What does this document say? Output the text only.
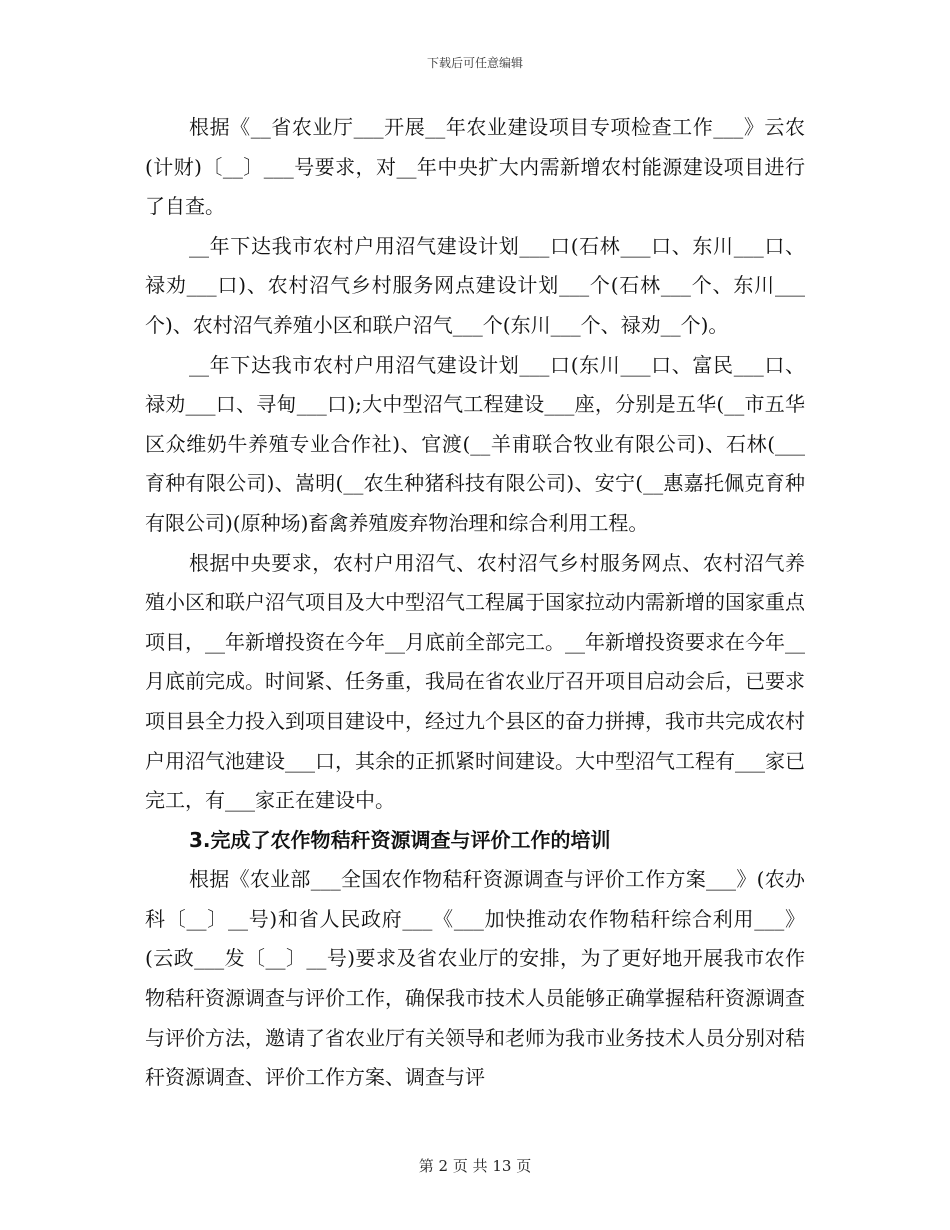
下载后可任意编辑

根据《__省农业厅___开展__年农业建设项目专项检查工作___》云农(计财)〔__〕___号要求，对__年中央扩大内需新增农村能源建设项目进行了自查。

__年下达我市农村户用沼气建设计划___口(石林___口、东川___口、禄劝___口)、农村沼气乡村服务网点建设计划___个(石林___个、东川___个)、农村沼气养殖小区和联户沼气___个(东川___个、禄劝__个)。

__年下达我市农村户用沼气建设计划___口(东川___口、富民___口、禄劝___口、寻甸___口);大中型沼气工程建设___座，分别是五华(__市五华区众维奶牛养殖专业合作社)、官渡(__羊甫联合牧业有限公司)、石林(___育种有限公司)、嵩明(__农生种猪科技有限公司)、安宁(__惠嘉托佩克育种有限公司)(原种场)畜禽养殖废弃物治理和综合利用工程。

根据中央要求，农村户用沼气、农村沼气乡村服务网点、农村沼气养殖小区和联户沼气项目及大中型沼气工程属于国家拉动内需新增的国家重点项目，__年新增投资在今年__月底前全部完工。__年新增投资要求在今年__月底前完成。时间紧、任务重，我局在省农业厅召开项目启动会后，已要求项目县全力投入到项目建设中，经过九个县区的奋力拼搏，我市共完成农村户用沼气池建设___口，其余的正抓紧时间建设。大中型沼气工程有___家已完工，有___家正在建设中。

3.完成了农作物秸秆资源调查与评价工作的培训

根据《农业部___全国农作物秸秆资源调查与评价工作方案___》(农办科〔__〕__号)和省人民政府___《___加快推动农作物秸秆综合利用___》(云政___发〔__〕__号)要求及省农业厅的安排，为了更好地开展我市农作物秸秆资源调查与评价工作，确保我市技术人员能够正确掌握秸秆资源调查与评价方法，邀请了省农业厅有关领导和老师为我市业务技术人员分别对秸秆资源调查、评价工作方案、调查与评

第 2 页 共 13 页
